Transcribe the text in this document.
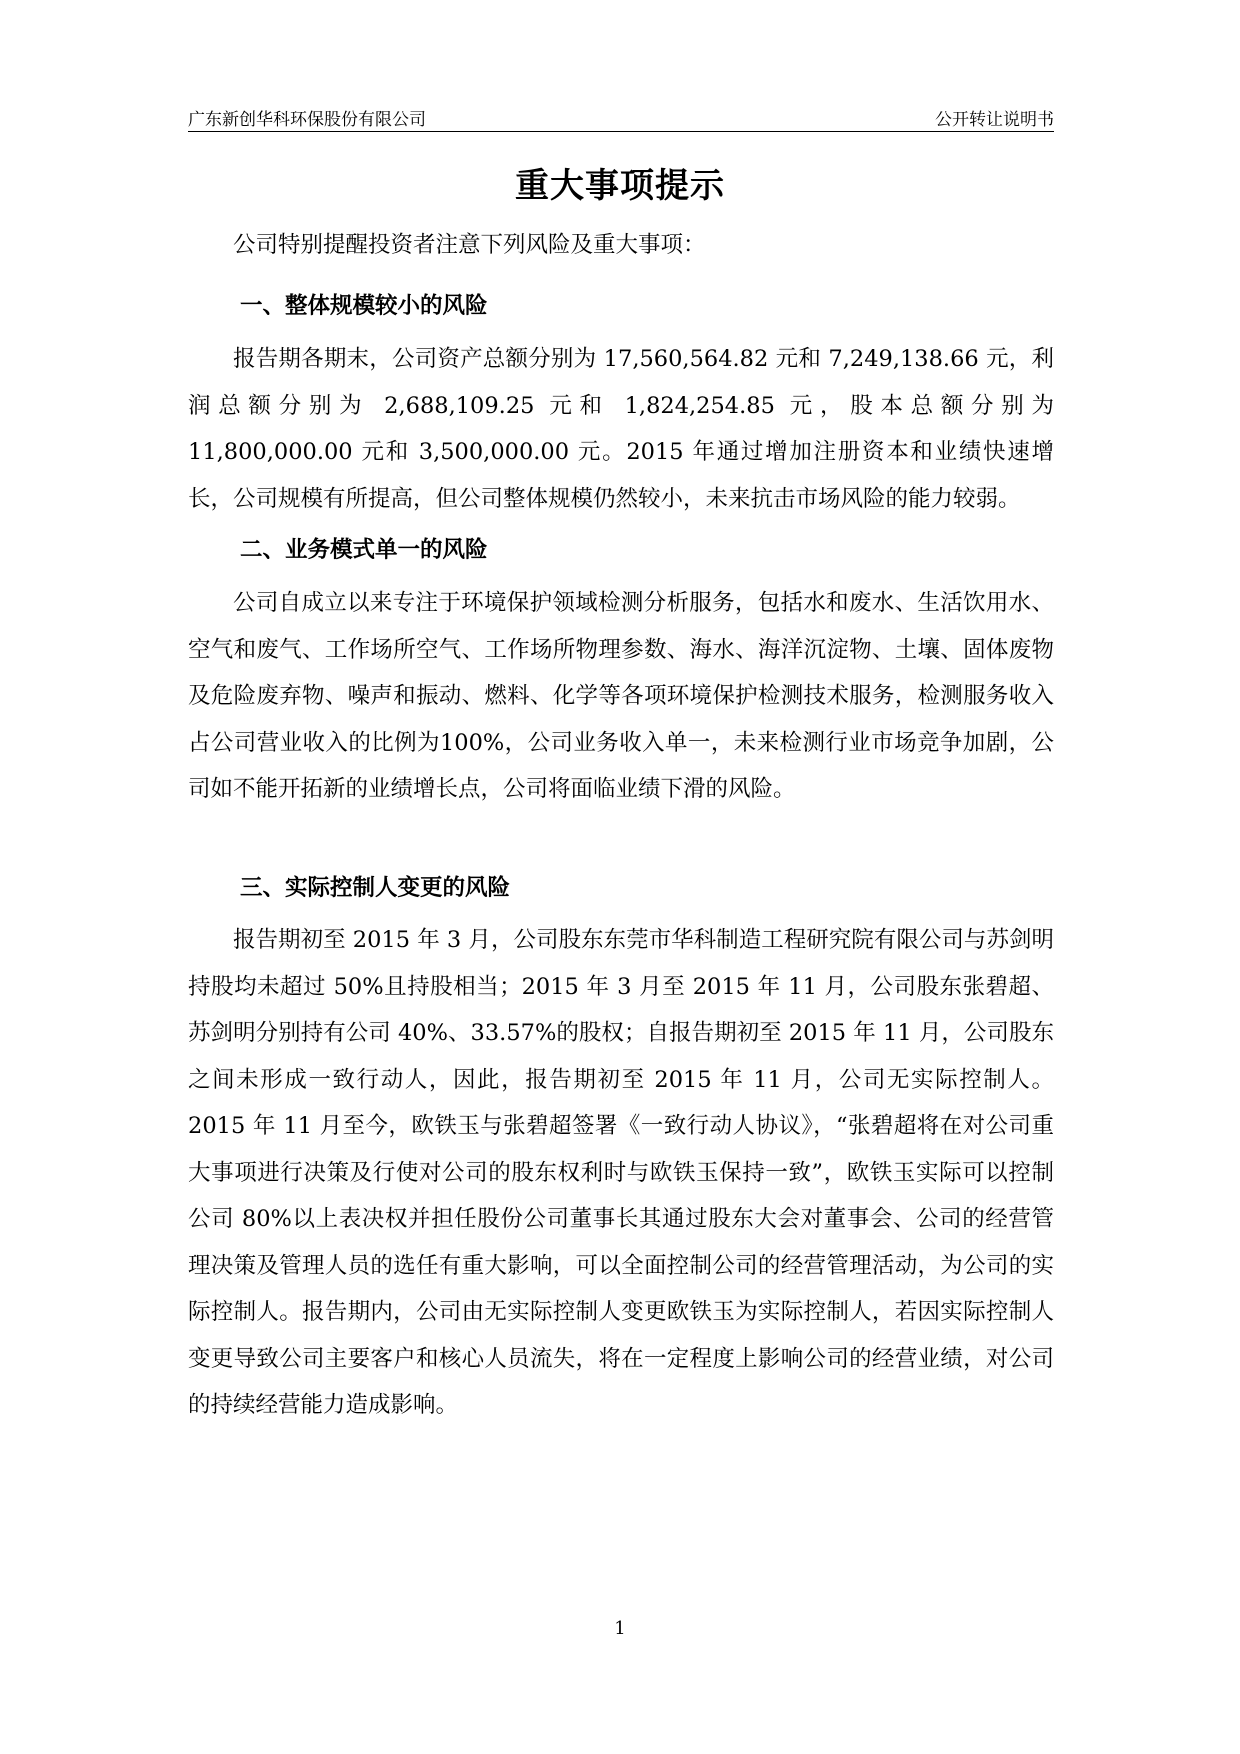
广东新创华科环保股份有限公司	公开转让说明书
重大事项提示

公司特别提醒投资者注意下列风险及重大事项：

一、整体规模较小的风险

报告期各期末，公司资产总额分别为 17,560,564.82 元和 7,249,138.66 元，利润总额分别为 2,688,109.25 元和 1,824,254.85 元，股本总额分别为 11,800,000.00 元和 3,500,000.00 元。2015 年通过增加注册资本和业绩快速增长，公司规模有所提高，但公司整体规模仍然较小，未来抗击市场风险的能力较弱。

二、业务模式单一的风险

公司自成立以来专注于环境保护领域检测分析服务，包括水和废水、生活饮用水、空气和废气、工作场所空气、工作场所物理参数、海水、海洋沉淀物、土壤、固体废物及危险废弃物、噪声和振动、燃料、化学等各项环境保护检测技术服务，检测服务收入占公司营业收入的比例为100%，公司业务收入单一，未来检测行业市场竞争加剧，公司如不能开拓新的业绩增长点，公司将面临业绩下滑的风险。

三、实际控制人变更的风险

报告期初至 2015 年 3 月，公司股东东莞市华科制造工程研究院有限公司与苏剑明持股均未超过 50%且持股相当；2015 年 3 月至 2015 年 11 月，公司股东张碧超、苏剑明分别持有公司 40%、33.57%的股权；自报告期初至 2015 年 11 月，公司股东之间未形成一致行动人，因此，报告期初至 2015 年 11 月，公司无实际控制人。2015 年 11 月至今，欧铁玉与张碧超签署《一致行动人协议》，“张碧超将在对公司重大事项进行决策及行使对公司的股东权利时与欧铁玉保持一致”，欧铁玉实际可以控制公司 80%以上表决权并担任股份公司董事长其通过股东大会对董事会、公司的经营管理决策及管理人员的选任有重大影响，可以全面控制公司的经营管理活动，为公司的实际控制人。报告期内，公司由无实际控制人变更欧铁玉为实际控制人，若因实际控制人变更导致公司主要客户和核心人员流失，将在一定程度上影响公司的经营业绩，对公司的持续经营能力造成影响。

1
